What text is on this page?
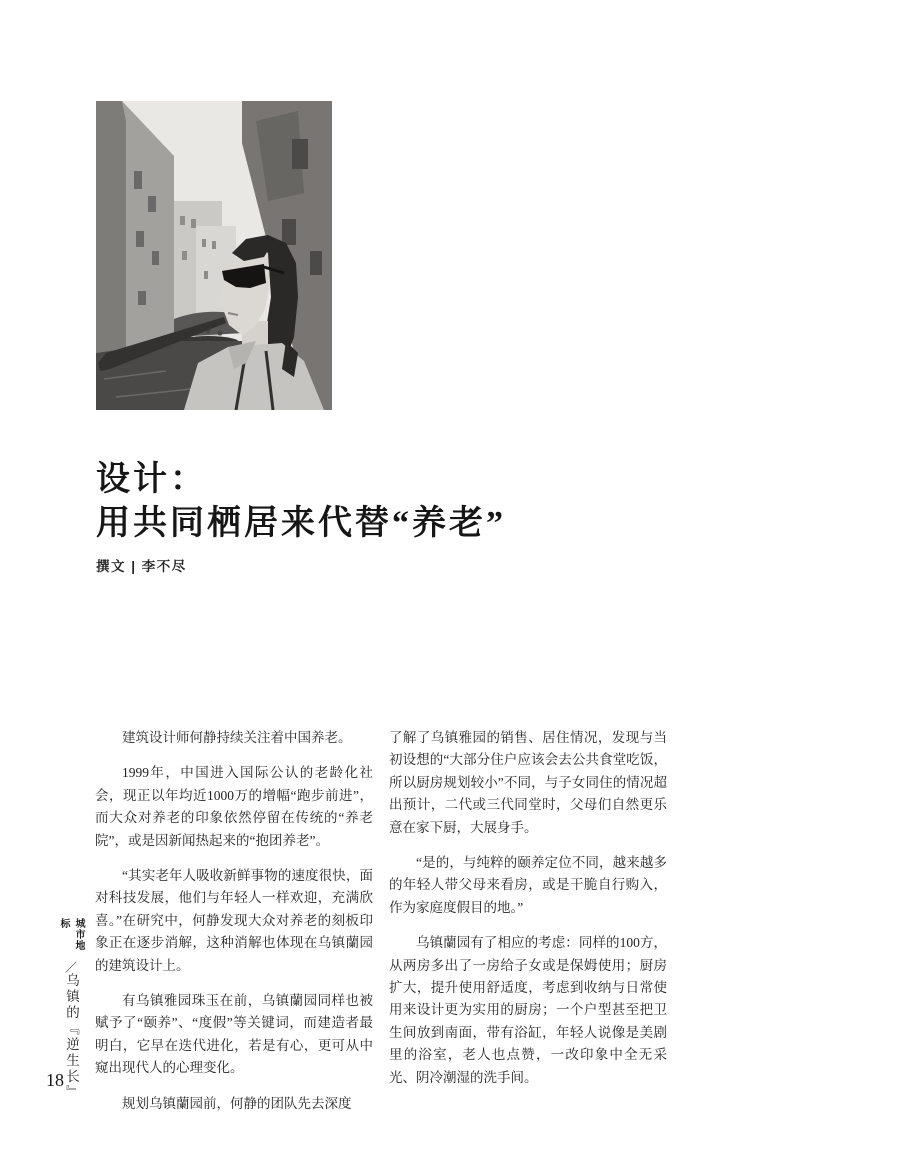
设计：
用共同栖居来代替“养老”
撰文 | 李不尽

建筑设计师何静持续关注着中国养老。

1999年，中国进入国际公认的老龄化社会，现正以年均近1000万的增幅“跑步前进”，而大众对养老的印象依然停留在传统的“养老院”，或是因新闻热起来的“抱团养老”。

“其实老年人吸收新鲜事物的速度很快，面对科技发展，他们与年轻人一样欢迎，充满欣喜。”在研究中，何静发现大众对养老的刻板印象正在逐步消解，这种消解也体现在乌镇蘭园的建筑设计上。

有乌镇雅园珠玉在前，乌镇蘭园同样也被赋予了“颐养”、“度假”等关键词，而建造者最明白，它早在迭代进化，若是有心，更可从中窥出现代人的心理变化。

规划乌镇蘭园前，何静的团队先去深度

了解了乌镇雅园的销售、居住情况，发现与当初设想的“大部分住户应该会去公共食堂吃饭，所以厨房规划较小”不同，与子女同住的情况超出预计，二代或三代同堂时，父母们自然更乐意在家下厨，大展身手。

“是的，与纯粹的颐养定位不同，越来越多的年轻人带父母来看房，或是干脆自行购入，作为家庭度假目的地。”

乌镇蘭园有了相应的考虑：同样的100方，从两房多出了一房给子女或是保姆使用；厨房扩大，提升使用舒适度，考虑到收纳与日常使用来设计更为实用的厨房；一个户型甚至把卫生间放到南面，带有浴缸，年轻人说像是美剧里的浴室，老人也点赞，一改印象中全无采光、阴冷潮湿的洗手间。

城市地标
／
乌镇的『逆生长』
18
